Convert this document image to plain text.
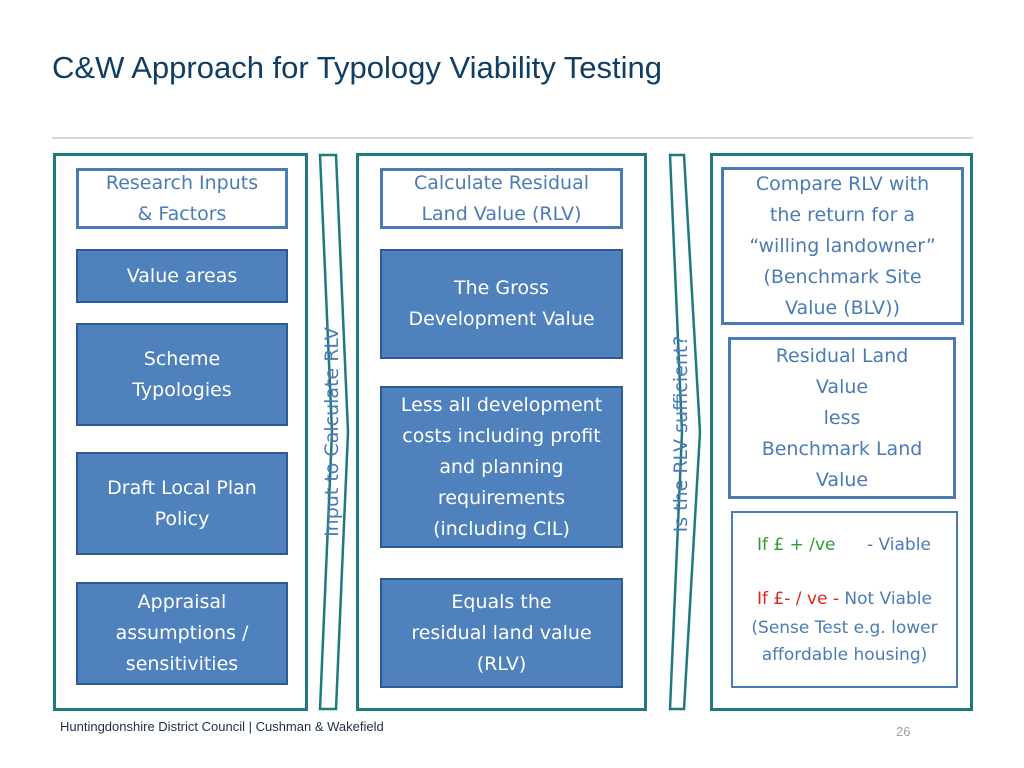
C&W Approach for Typology Viability Testing
Research Inputs
& Factors
Value areas
Scheme
Typologies
Draft Local Plan
Policy
Appraisal
assumptions /
sensitivities
Input to Calculate RLV
Calculate Residual
Land Value (RLV)
The Gross
Development Value
Less all development
costs including profit
and planning
requirements
(including CIL)
Equals the
residual land value
(RLV)
Is the RLV sufficient?
Compare RLV with
the return for a
“willing landowner”
(Benchmark Site
Value (BLV))
Residual Land
Value
less
Benchmark Land
Value
If £ + /ve - Viable
If £- / ve - Not Viable
(Sense Test e.g. lower
affordable housing)
Huntingdonshire District Council | Cushman & Wakefield	26
